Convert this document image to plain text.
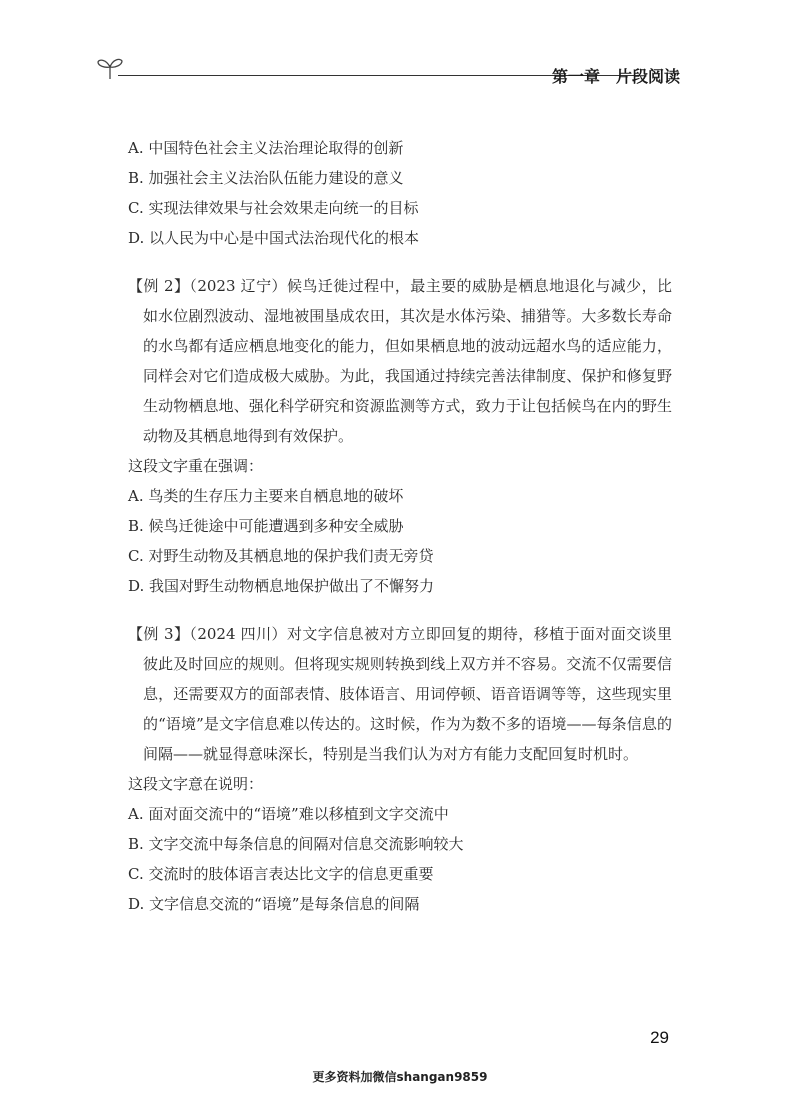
第一章　片段阅读
A. 中国特色社会主义法治理论取得的创新
B. 加强社会主义法治队伍能力建设的意义
C. 实现法律效果与社会效果走向统一的目标
D. 以人民为中心是中国式法治现代化的根本

【例 2】（2023 辽宁）候鸟迁徙过程中，最主要的威胁是栖息地退化与减少，比如水位剧烈波动、湿地被围垦成农田，其次是水体污染、捕猎等。大多数长寿命的水鸟都有适应栖息地变化的能力，但如果栖息地的波动远超水鸟的适应能力，同样会对它们造成极大威胁。为此，我国通过持续完善法律制度、保护和修复野生动物栖息地、强化科学研究和资源监测等方式，致力于让包括候鸟在内的野生动物及其栖息地得到有效保护。

这段文字重在强调：
A. 鸟类的生存压力主要来自栖息地的破坏
B. 候鸟迁徙途中可能遭遇到多种安全威胁
C. 对野生动物及其栖息地的保护我们责无旁贷
D. 我国对野生动物栖息地保护做出了不懈努力

【例 3】（2024 四川）对文字信息被对方立即回复的期待，移植于面对面交谈里彼此及时回应的规则。但将现实规则转换到线上双方并不容易。交流不仅需要信息，还需要双方的面部表情、肢体语言、用词停顿、语音语调等等，这些现实里的“语境”是文字信息难以传达的。这时候，作为为数不多的语境——每条信息的间隔——就显得意味深长，特别是当我们认为对方有能力支配回复时机时。

这段文字意在说明：
A. 面对面交流中的“语境”难以移植到文字交流中
B. 文字交流中每条信息的间隔对信息交流影响较大
C. 交流时的肢体语言表达比文字的信息更重要
D. 文字信息交流的“语境”是每条信息的间隔
29
更多资料加微信shangan9859
